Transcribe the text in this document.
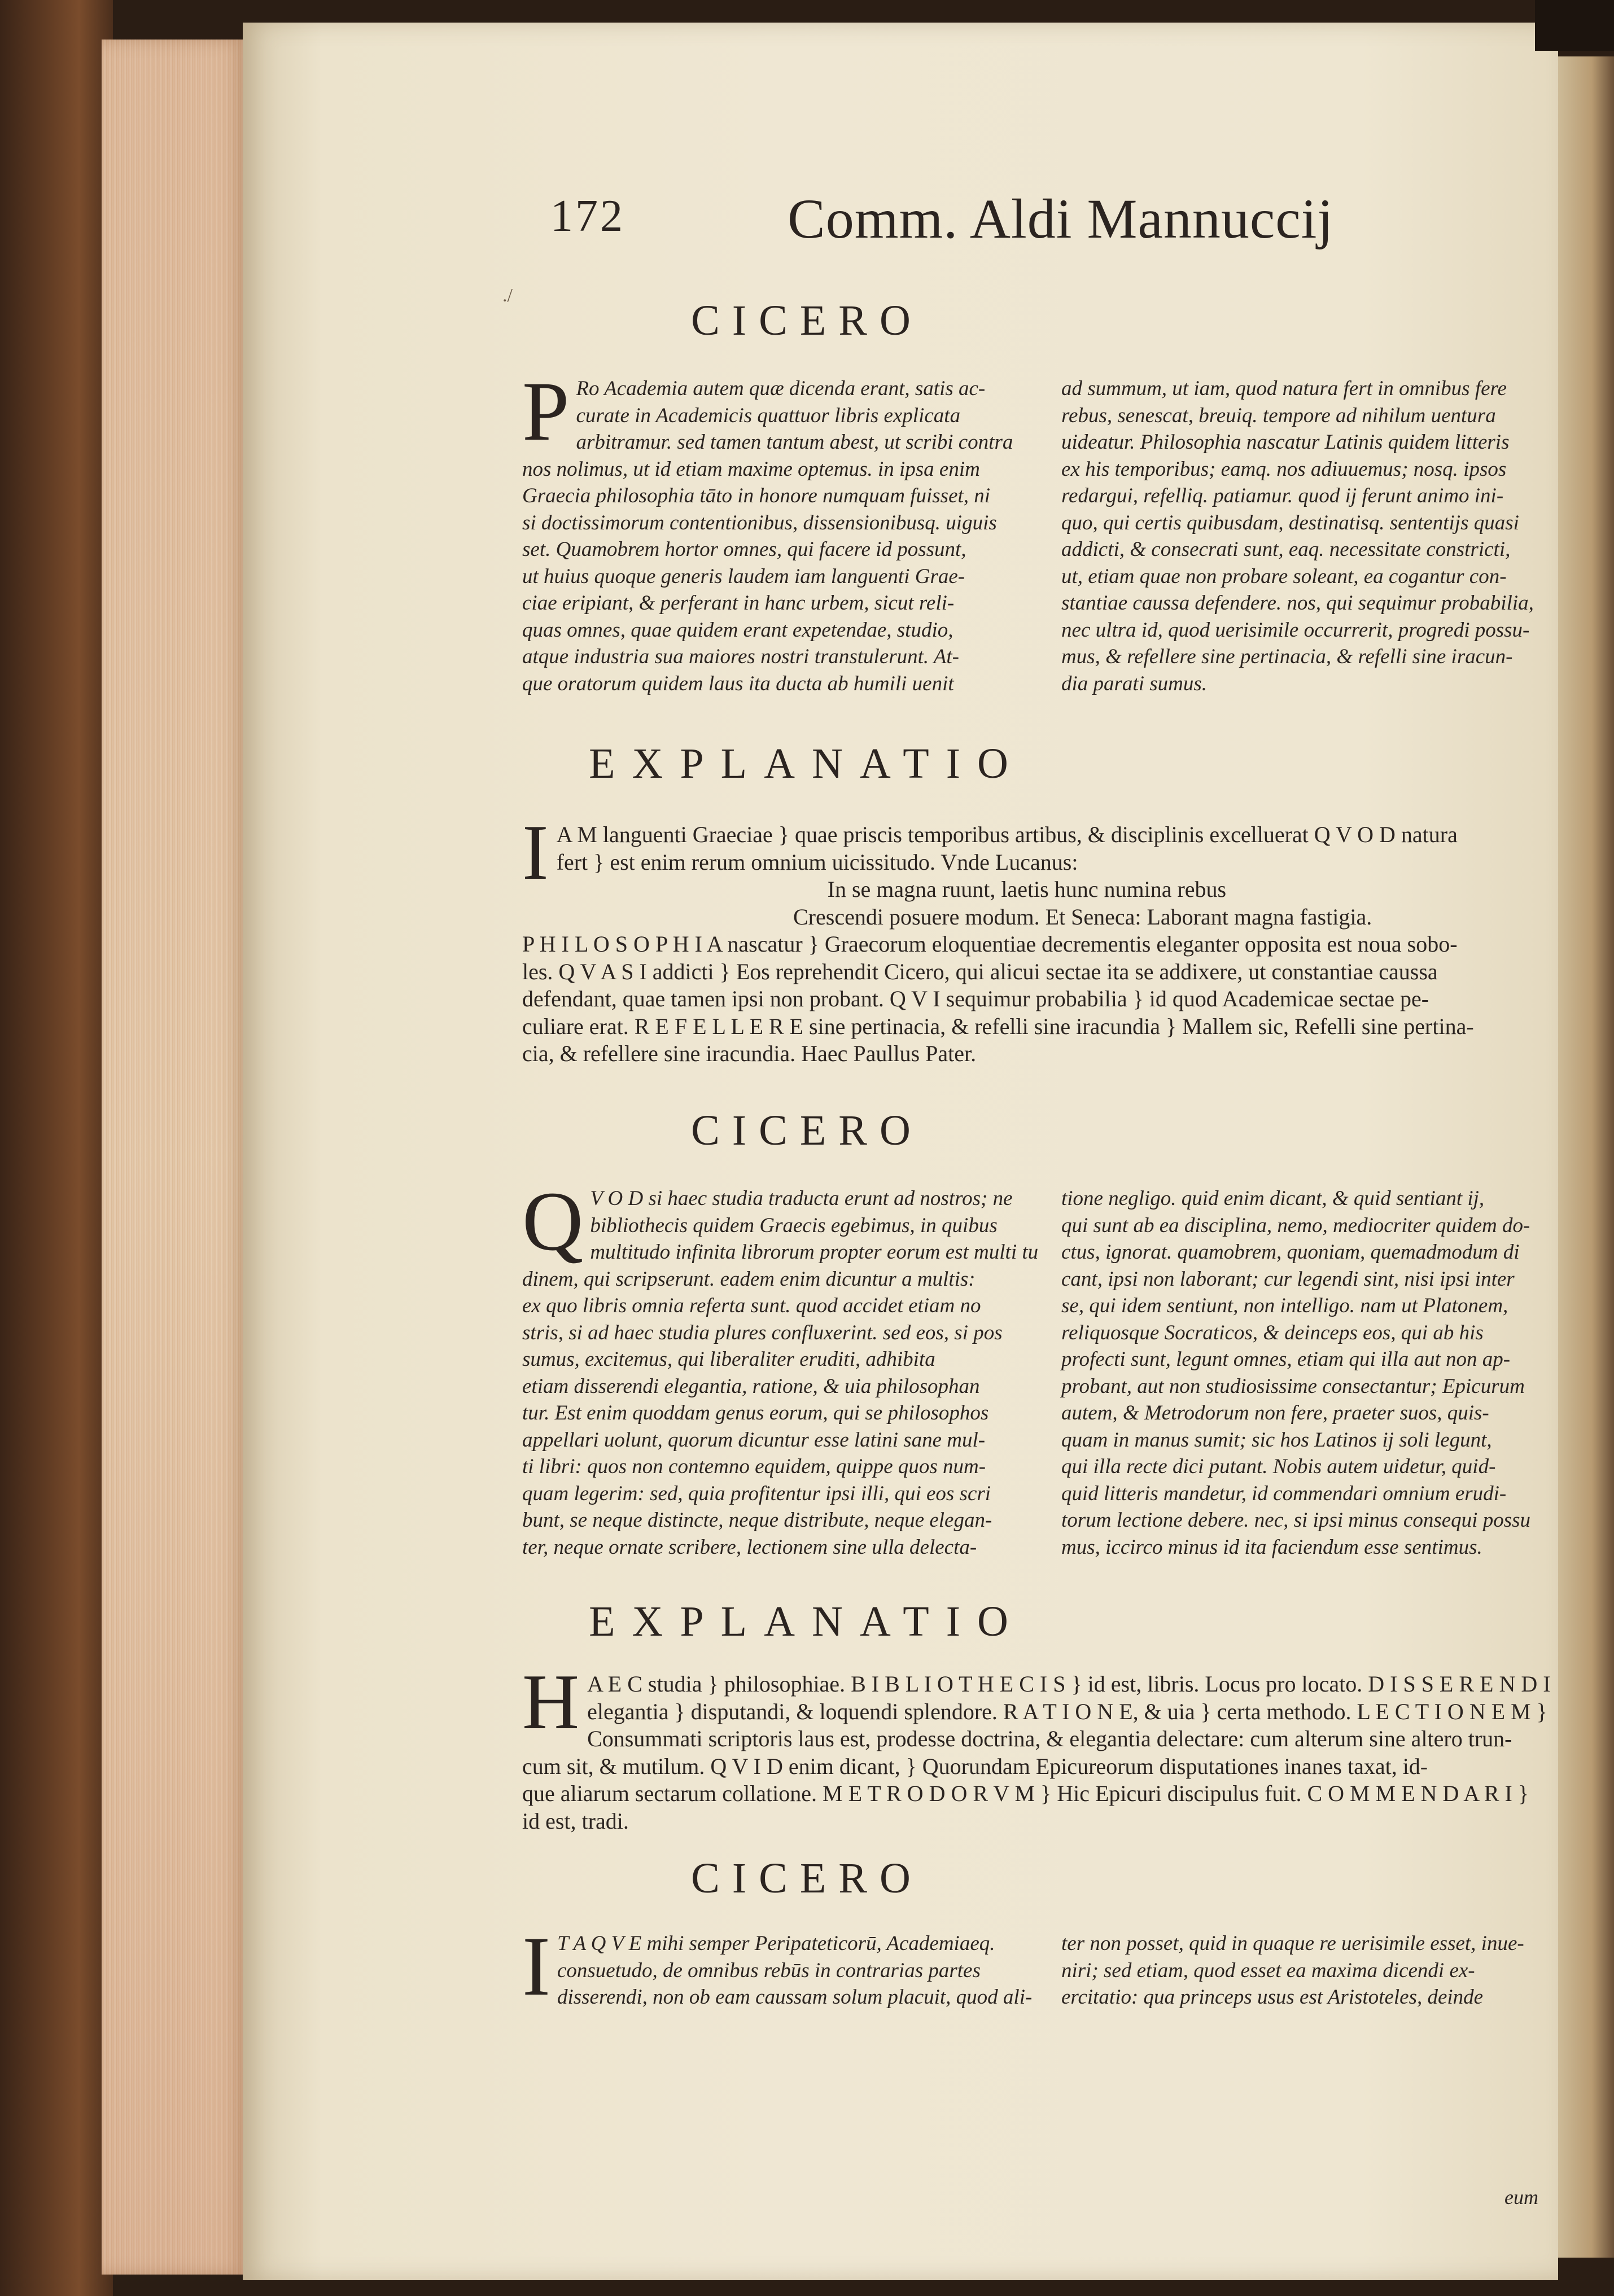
172	Comm. Aldi Mannuccij
./
CICERO
P Ro Academia autem quæ dicenda erant, satis ac-
curate in Academicis quattuor libris explicata
arbitramur. sed tamen tantum abest, ut scribi contra
nos nolimus, ut id etiam maxime optemus. in ipsa enim
Graecia philosophia tāto in honore numquam fuisset, ni
si doctissimorum contentionibus, dissensionibusq. uiguis
set. Quamobrem hortor omnes, qui facere id possunt,
ut huius quoque generis laudem iam languenti Grae-
ciae eripiant, & perferant in hanc urbem, sicut reli-
quas omnes, quae quidem erant expetendae, studio,
atque industria sua maiores nostri transtulerunt. At-
que oratorum quidem laus ita ducta ab humili uenit
ad summum, ut iam, quod natura fert in omnibus fere
rebus, senescat, breuiq. tempore ad nihilum uentura
uideatur. Philosophia nascatur Latinis quidem litteris
ex his temporibus; eamq. nos adiuuemus; nosq. ipsos
redargui, refelliq. patiamur. quod ij ferunt animo ini-
quo, qui certis quibusdam, destinatisq. sententijs quasi
addicti, & consecrati sunt, eaq. necessitate constricti,
ut, etiam quae non probare soleant, ea cogantur con-
stantiae caussa defendere. nos, qui sequimur probabilia,
nec ultra id, quod uerisimile occurrerit, progredi possu-
mus, & refellere sine pertinacia, & refelli sine iracun-
dia parati sumus.
EXPLANATIO
I A M languenti Graeciae } quae priscis temporibus artibus, & disciplinis excelluerat Q V O D natura
fert } est enim rerum omnium uicissitudo. Vnde Lucanus:
In se magna ruunt, laetis hunc numina rebus
Crescendi posuere modum. Et Seneca: Laborant magna fastigia.
P H I L O S O P H I A nascatur } Graecorum eloquentiae decrementis eleganter opposita est noua sobo-
les. Q V A S I addicti } Eos reprehendit Cicero, qui alicui sectae ita se addixere, ut constantiae caussa
defendant, quae tamen ipsi non probant. Q V I sequimur probabilia } id quod Academicae sectae pe-
culiare erat. R E F E L L E R E sine pertinacia, & refelli sine iracundia } Mallem sic, Refelli sine pertina-
cia, & refellere sine iracundia. Haec Paullus Pater.
CICERO
Q V O D si haec studia traducta erunt ad nostros; ne
bibliothecis quidem Graecis egebimus, in quibus
multitudo infinita librorum propter eorum est multi tu
dinem, qui scripserunt. eadem enim dicuntur a multis:
ex quo libris omnia referta sunt. quod accidet etiam no
stris, si ad haec studia plures confluxerint. sed eos, si pos
sumus, excitemus, qui liberaliter eruditi, adhibita
etiam disserendi elegantia, ratione, & uia philosophan
tur. Est enim quoddam genus eorum, qui se philosophos
appellari uolunt, quorum dicuntur esse latini sane mul-
ti libri: quos non contemno equidem, quippe quos num-
quam legerim: sed, quia profitentur ipsi illi, qui eos scri
bunt, se neque distincte, neque distribute, neque elegan-
ter, neque ornate scribere, lectionem sine ulla delecta-
tione negligo. quid enim dicant, & quid sentiant ij,
qui sunt ab ea disciplina, nemo, mediocriter quidem do-
ctus, ignorat. quamobrem, quoniam, quemadmodum di
cant, ipsi non laborant; cur legendi sint, nisi ipsi inter
se, qui idem sentiunt, non intelligo. nam ut Platonem,
reliquosque Socraticos, & deinceps eos, qui ab his
profecti sunt, legunt omnes, etiam qui illa aut non ap-
probant, aut non studiosissime consectantur; Epicurum
autem, & Metrodorum non fere, praeter suos, quis-
quam in manus sumit; sic hos Latinos ij soli legunt,
qui illa recte dici putant. Nobis autem uidetur, quid-
quid litteris mandetur, id commendari omnium erudi-
torum lectione debere. nec, si ipsi minus consequi possu
mus, iccirco minus id ita faciendum esse sentimus.
EXPLANATIO
H A E C studia } philosophiae. B I B L I O T H E C I S } id est, libris. Locus pro locato. D I S S E R E N D I
elegantia } disputandi, & loquendi splendore. R A T I O N E, & uia } certa methodo. L E C T I O N E M }
Consummati scriptoris laus est, prodesse doctrina, & elegantia delectare: cum alterum sine altero trun-
cum sit, & mutilum. Q V I D enim dicant, } Quorundam Epicureorum disputationes inanes taxat, id-
que aliarum sectarum collatione. M E T R O D O R V M } Hic Epicuri discipulus fuit. C O M M E N D A R I }
id est, tradi.
CICERO
I T A Q V E mihi semper Peripateticorū, Academiaeq.
consuetudo, de omnibus rebūs in contrarias partes
disserendi, non ob eam caussam solum placuit, quod ali-
ter non posset, quid in quaque re uerisimile esset, inue-
niri; sed etiam, quod esset ea maxima dicendi ex-
ercitatio: qua princeps usus est Aristoteles, deinde
eum
